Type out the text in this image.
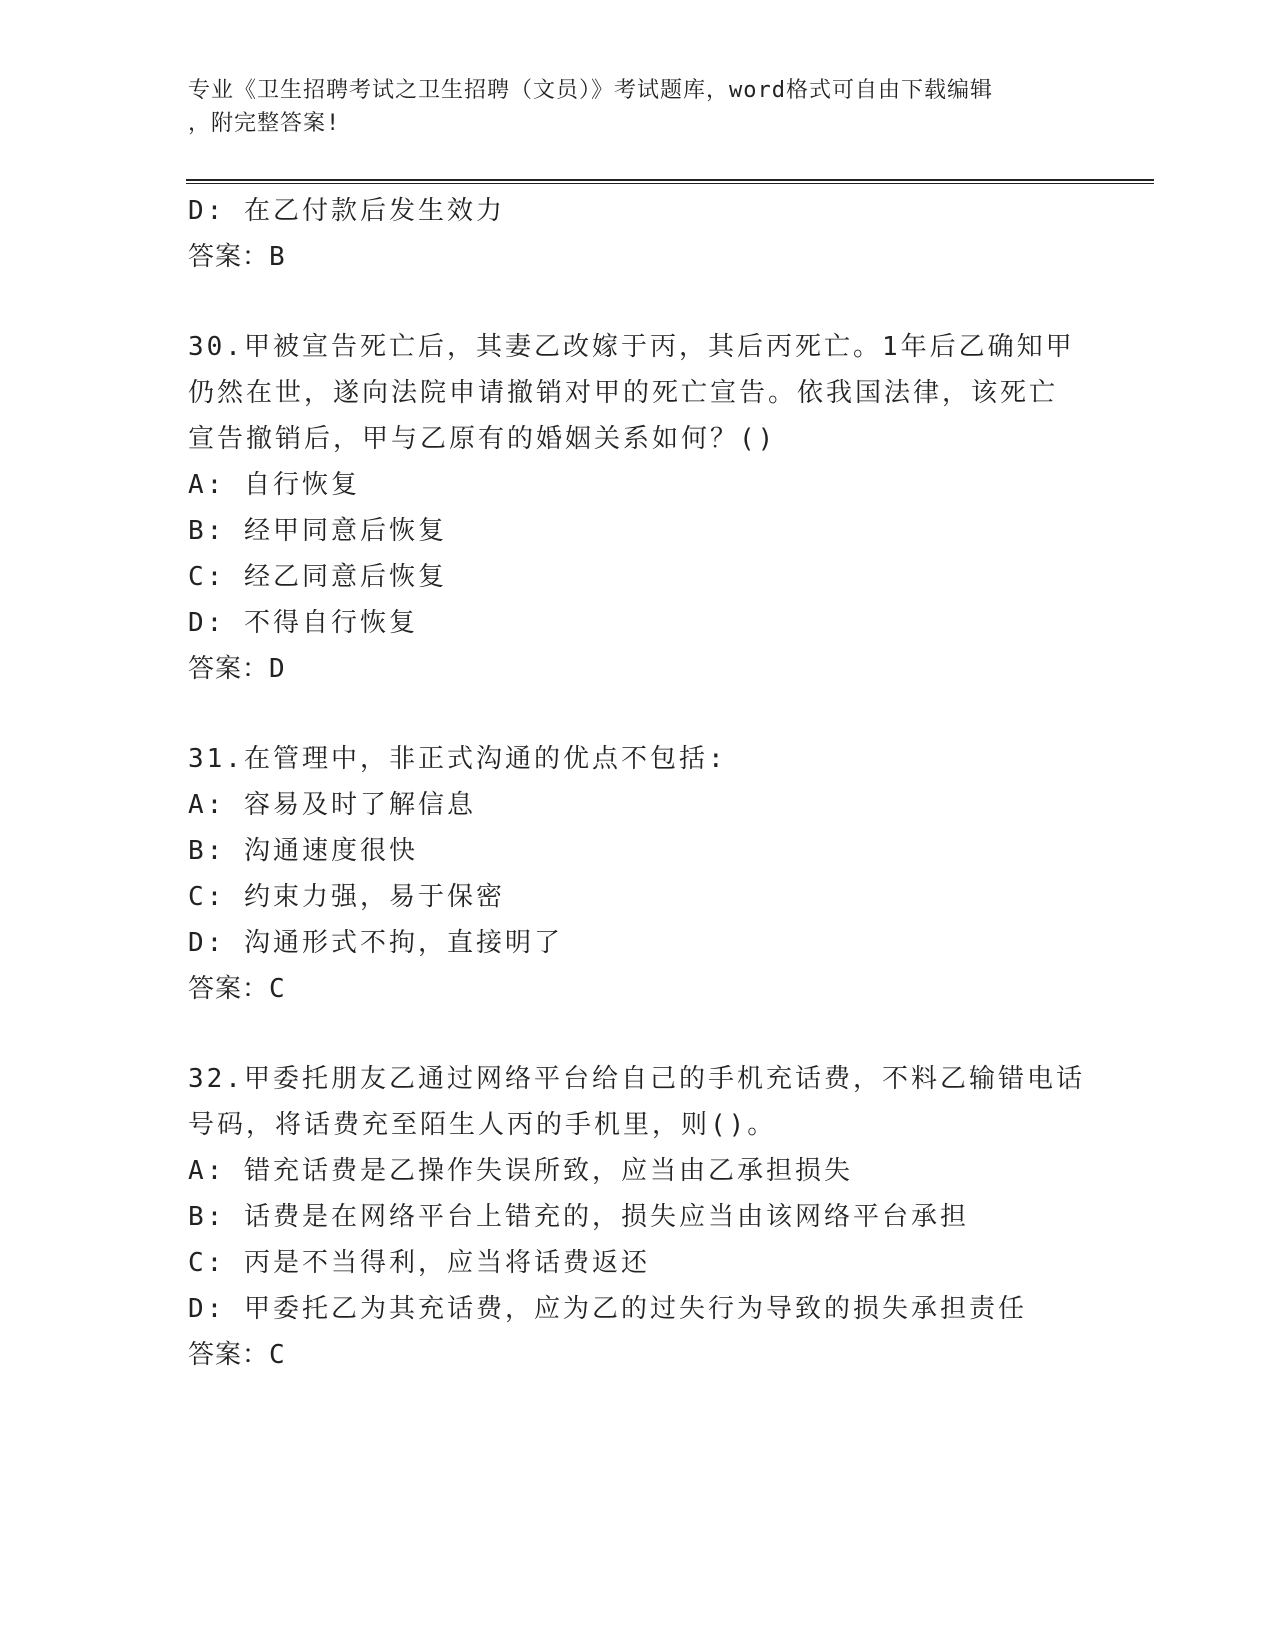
专业《卫生招聘考试之卫生招聘（文员）》考试题库，word格式可自由下载编辑
，附完整答案!
D: 在乙付款后发生效力
答案：B
30.甲被宣告死亡后，其妻乙改嫁于丙，其后丙死亡。1年后乙确知甲
仍然在世，遂向法院申请撤销对甲的死亡宣告。依我国法律，该死亡
宣告撤销后，甲与乙原有的婚姻关系如何？()
A: 自行恢复
B: 经甲同意后恢复
C: 经乙同意后恢复
D: 不得自行恢复
答案：D
31.在管理中，非正式沟通的优点不包括:
A: 容易及时了解信息
B: 沟通速度很快
C: 约束力强，易于保密
D: 沟通形式不拘，直接明了
答案：C
32.甲委托朋友乙通过网络平台给自己的手机充话费，不料乙输错电话
号码，将话费充至陌生人丙的手机里，则()。
A: 错充话费是乙操作失误所致，应当由乙承担损失
B: 话费是在网络平台上错充的，损失应当由该网络平台承担
C: 丙是不当得利，应当将话费返还
D: 甲委托乙为其充话费，应为乙的过失行为导致的损失承担责任
答案：C
